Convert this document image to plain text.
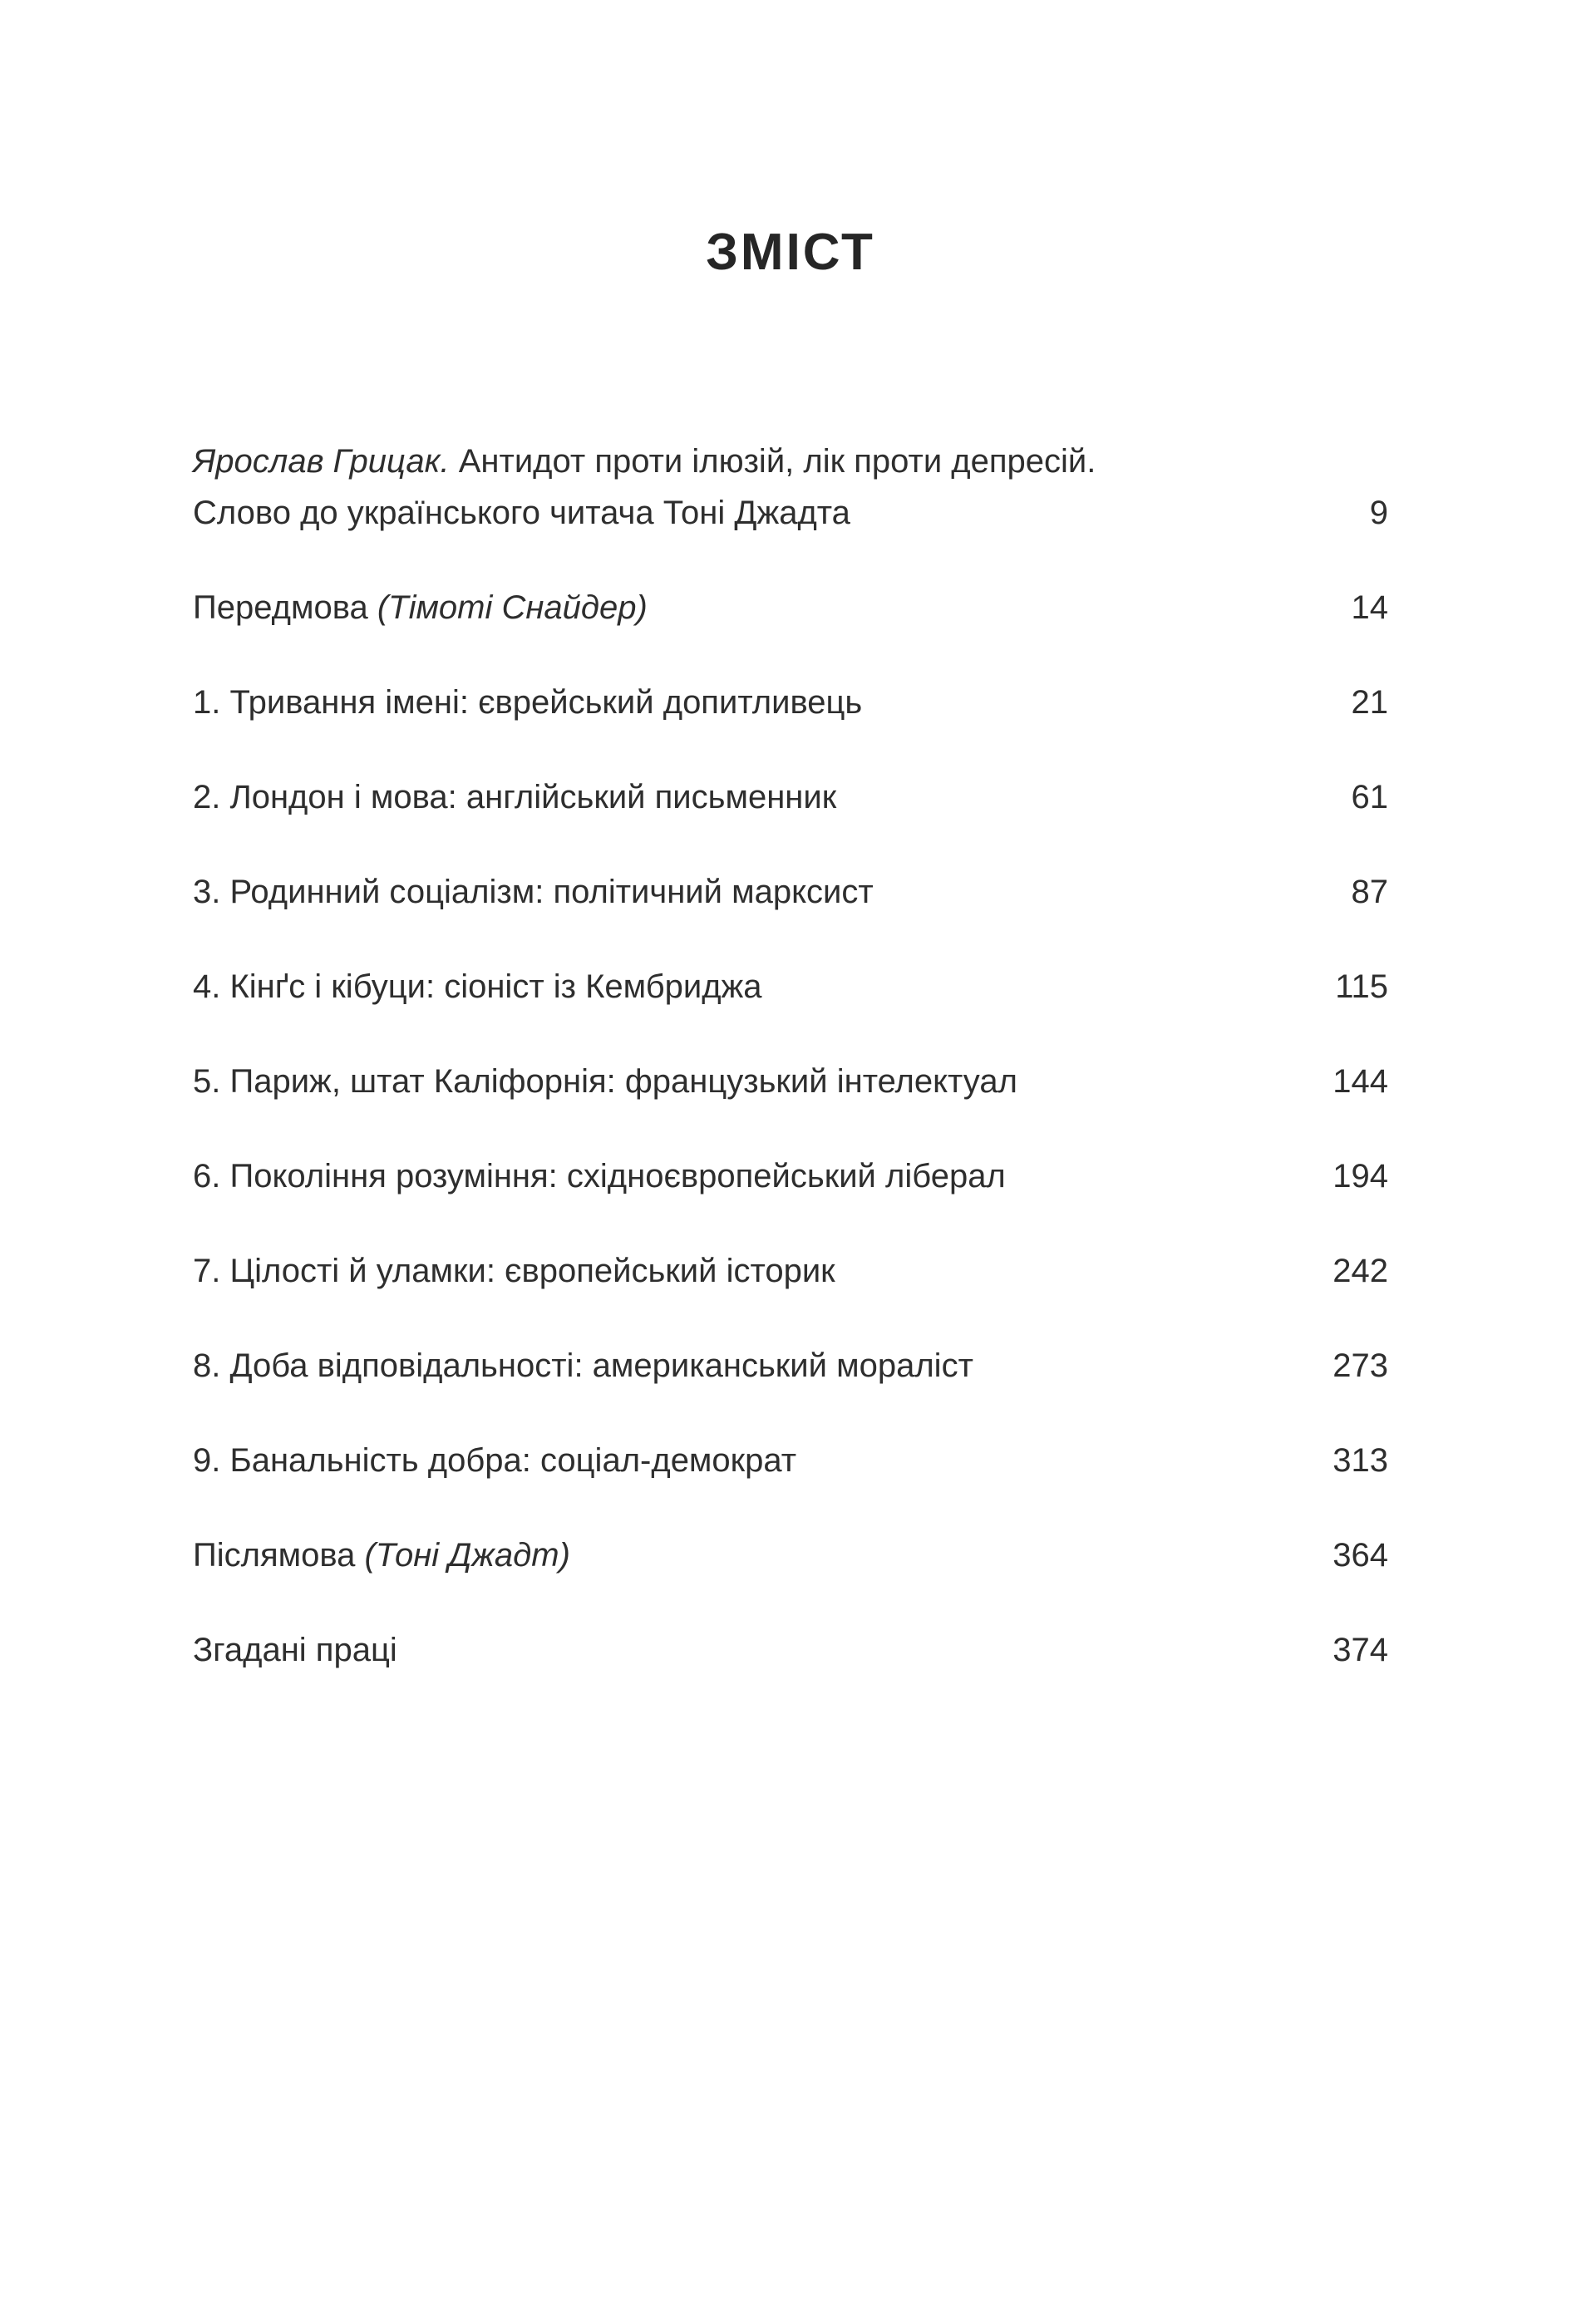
ЗМІСТ
Ярослав Грицак. Антидот проти ілюзій, лік проти депресій.
Слово до українського читача Тоні Джадта	9
Передмова (Тімоті Снайдер)	14
1. Тривання імені: єврейський допитливець	21
2. Лондон і мова: англійський письменник	61
3. Родинний соціалізм: політичний марксист	87
4. Кінґс і кібуци: сіоніст із Кембриджа	115
5. Париж, штат Каліфорнія: французький інтелектуал	144
6. Покоління розуміння: східноєвропейський ліберал	194
7. Цілості й уламки: європейський історик	242
8. Доба відповідальності: американський мораліст	273
9. Банальність добра: соціал-демократ	313
Післямова (Тоні Джадт)	364
Згадані праці	374
